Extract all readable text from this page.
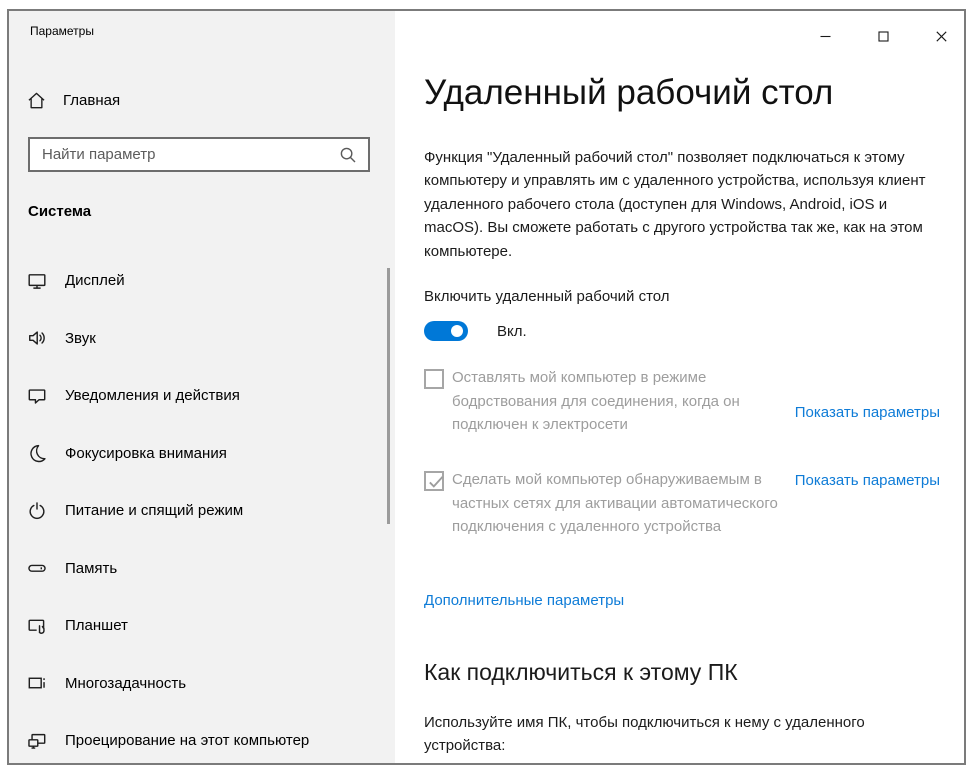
Параметры
Главная
Найти параметр
Система
Дисплей
Звук
Уведомления и действия
Фокусировка внимания
Питание и спящий режим
Память
Планшет
Многозадачность
Проецирование на этот компьютер
Удаленный рабочий стол
Функция "Удаленный рабочий стол" позволяет подключаться к этому компьютеру и управлять им с удаленного устройства, используя клиент удаленного рабочего стола (доступен для Windows, Android, iOS и macOS). Вы сможете работать с другого устройства так же, как на этом компьютере.
Включить удаленный рабочий стол
Вкл.
Оставлять мой компьютер в режиме бодрствования для соединения, когда он подключен к электросети
Показать параметры
Сделать мой компьютер обнаруживаемым в частных сетях для активации автоматического подключения с удаленного устройства
Показать параметры
Дополнительные параметры
Как подключиться к этому ПК
Используйте имя ПК, чтобы подключиться к нему с удаленного устройства:
